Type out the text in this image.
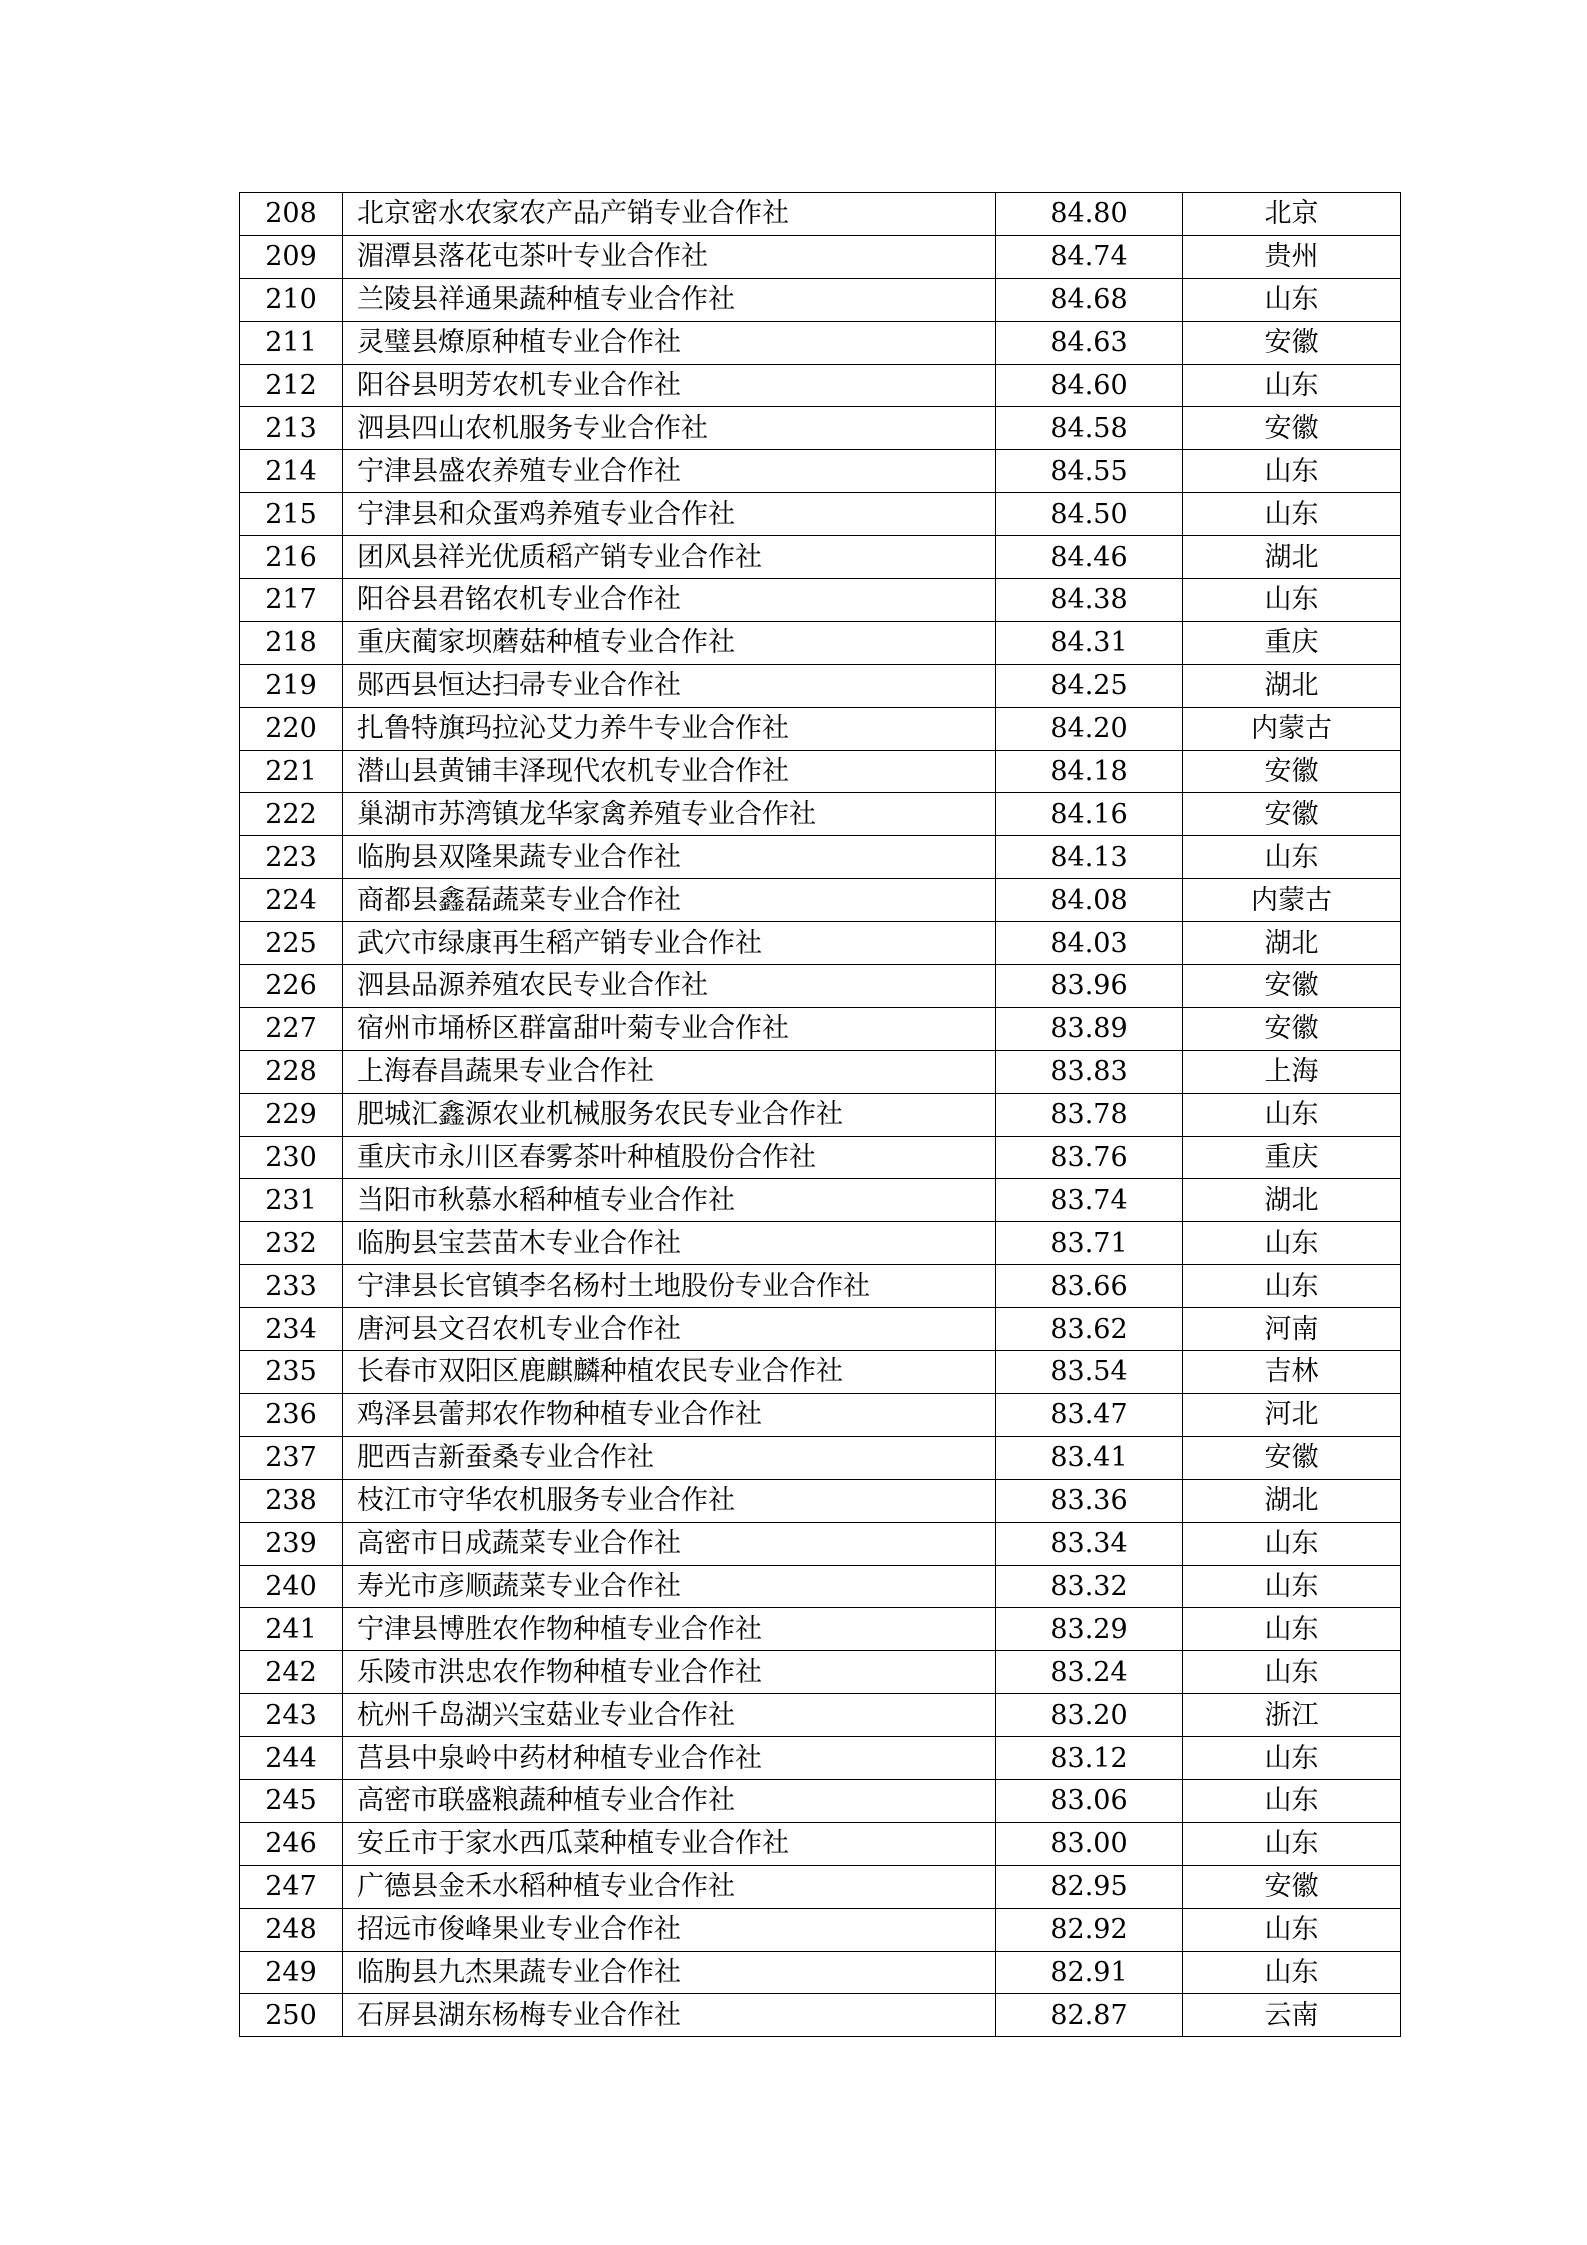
208	北京密水农家农产品产销专业合作社	84.80	北京
209	湄潭县落花屯茶叶专业合作社	84.74	贵州
210	兰陵县祥通果蔬种植专业合作社	84.68	山东
211	灵璧县燎原种植专业合作社	84.63	安徽
212	阳谷县明芳农机专业合作社	84.60	山东
213	泗县四山农机服务专业合作社	84.58	安徽
214	宁津县盛农养殖专业合作社	84.55	山东
215	宁津县和众蛋鸡养殖专业合作社	84.50	山东
216	团风县祥光优质稻产销专业合作社	84.46	湖北
217	阳谷县君铭农机专业合作社	84.38	山东
218	重庆蔺家坝蘑菇种植专业合作社	84.31	重庆
219	郧西县恒达扫帚专业合作社	84.25	湖北
220	扎鲁特旗玛拉沁艾力养牛专业合作社	84.20	内蒙古
221	潜山县黄铺丰泽现代农机专业合作社	84.18	安徽
222	巢湖市苏湾镇龙华家禽养殖专业合作社	84.16	安徽
223	临朐县双隆果蔬专业合作社	84.13	山东
224	商都县鑫磊蔬菜专业合作社	84.08	内蒙古
225	武穴市绿康再生稻产销专业合作社	84.03	湖北
226	泗县品源养殖农民专业合作社	83.96	安徽
227	宿州市埇桥区群富甜叶菊专业合作社	83.89	安徽
228	上海春昌蔬果专业合作社	83.83	上海
229	肥城汇鑫源农业机械服务农民专业合作社	83.78	山东
230	重庆市永川区春雾茶叶种植股份合作社	83.76	重庆
231	当阳市秋慕水稻种植专业合作社	83.74	湖北
232	临朐县宝芸苗木专业合作社	83.71	山东
233	宁津县长官镇李名杨村土地股份专业合作社	83.66	山东
234	唐河县文召农机专业合作社	83.62	河南
235	长春市双阳区鹿麒麟种植农民专业合作社	83.54	吉林
236	鸡泽县蕾邦农作物种植专业合作社	83.47	河北
237	肥西吉新蚕桑专业合作社	83.41	安徽
238	枝江市守华农机服务专业合作社	83.36	湖北
239	高密市日成蔬菜专业合作社	83.34	山东
240	寿光市彦顺蔬菜专业合作社	83.32	山东
241	宁津县博胜农作物种植专业合作社	83.29	山东
242	乐陵市洪忠农作物种植专业合作社	83.24	山东
243	杭州千岛湖兴宝菇业专业合作社	83.20	浙江
244	莒县中泉岭中药材种植专业合作社	83.12	山东
245	高密市联盛粮蔬种植专业合作社	83.06	山东
246	安丘市于家水西瓜菜种植专业合作社	83.00	山东
247	广德县金禾水稻种植专业合作社	82.95	安徽
248	招远市俊峰果业专业合作社	82.92	山东
249	临朐县九杰果蔬专业合作社	82.91	山东
250	石屏县湖东杨梅专业合作社	82.87	云南
